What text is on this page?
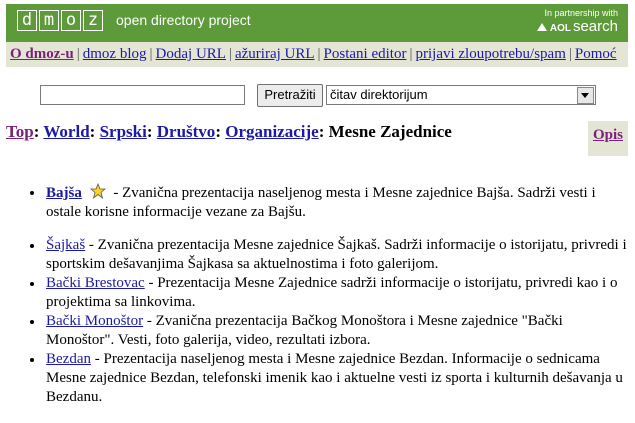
d m o z	open directory project	In partnership with
AOL search
O dmoz-u | dmoz blog | Dodaj URL | ažuriraj URL | Postani editor | prijavi zloupotrebu/spam | Pomoć
Pretražiti	čitav direktorijum
Top: World: Srpski: Društvo: Organizacije: Mesne Zajednice	Opis
Bajša  - Zvanična prezentacija naseljenog mesta i Mesne zajednice Bajša. Sadrži vesti i ostale korisne informacije vezane za Bajšu.
Šajkaš - Zvanična prezentacija Mesne zajednice Šajkaš. Sadrži informacije o istorijatu, privredi i sportskim dešavanjima Šajkasa sa aktuelnostima i foto galerijom.
Bački Brestovac - Prezentacija Mesne Zajednice sadrži informacije o istorijatu, privredi kao i o projektima sa linkovima.
Bački Monoštor - Zvanična prezentacija Bačkog Monoštora i Mesne zajednice "Bački Monoštor". Vesti, foto galerija, video, rezultati izbora.
Bezdan - Prezentacija naseljenog mesta i Mesne zajednice Bezdan. Informacije o sednicama Mesne zajednice Bezdan, telefonski imenik kao i aktuelne vesti iz sporta i kulturnih dešavanja u Bezdanu.
